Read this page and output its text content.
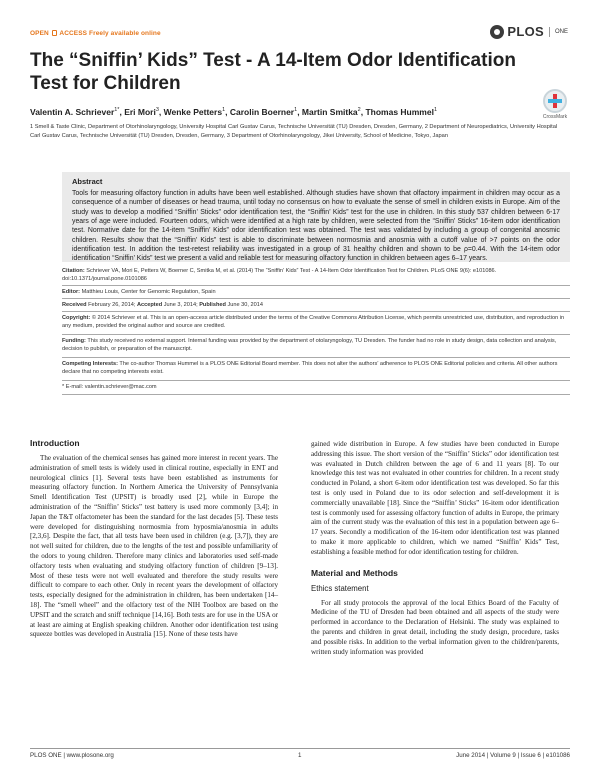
OPEN ACCESS Freely available online	PLOS ONE
The “Sniffin’ Kids” Test - A 14-Item Odor Identification Test for Children
CrossMark
Valentin A. Schriever$^{1*}$, Eri Mori$^3$, Wenke Petters$^1$, Carolin Boerner$^1$, Martin Smitka$^2$, Thomas Hummel$^1$
1 Smell & Taste Clinic, Department of Otorhinolaryngology, University Hospital Carl Gustav Carus, Technische Universität (TU) Dresden, Dresden, Germany, 2 Department of Neuropediatrics, University Hospital Carl Gustav Carus, Technische Universität (TU) Dresden, Dresden, Germany, 3 Department of Otorhinolaryngology, Jikei University, School of Medicine, Tokyo, Japan
Abstract

Tools for measuring olfactory function in adults have been well established. Although studies have shown that olfactory impairment in children may occur as a consequence of a number of diseases or head trauma, until today no consensus on how to evaluate the sense of smell in children exists in Europe. Aim of the study was to develop a modified “Sniffin’ Sticks” odor identification test, the “Sniffin’ Kids” test for the use in children. In this study 537 children between 6-17 years of age were included. Fourteen odors, which were identified at a high rate by children, were selected from the “Sniffin’ Sticks” 16-item odor identification test. Normative date for the 14-item “Sniffin’ Kids” odor identification test was obtained. The test was validated by including a group of congenital anosmic children. Results show that the “Sniffin’ Kids” test is able to discriminate between normosmia and anosmia with a cutoff value of >7 points on the odor identification test. In addition the test-retest reliability was investigated in a group of 31 healthy children and shown to be ρ=0.44. With the 14-item odor identification “Sniffin’ Kids” test we present a valid and reliable test for measuring olfactory function in children between ages 6–17 years.

Citation: Schriever VA, Mori E, Petters W, Boerner C, Smitka M, et al. (2014) The “Sniffin’ Kids” Test - A 14-Item Odor Identification Test for Children. PLoS ONE 9(6): e101086. doi:10.1371/journal.pone.0101086
Editor: Matthieu Louis, Center for Genomic Regulation, Spain
Received February 26, 2014; Accepted June 3, 2014; Published June 30, 2014
Copyright: © 2014 Schriever et al. This is an open-access article distributed under the terms of the Creative Commons Attribution License, which permits unrestricted use, distribution, and reproduction in any medium, provided the original author and source are credited.
Funding: This study received no external support. Internal funding was provided by the department of otolaryngology, TU Dresden. The funder had no role in study design, data collection and analysis, decision to publish, or preparation of the manuscript.
Competing Interests: The co-author Thomas Hummel is a PLOS ONE Editorial Board member. This does not alter the authors’ adherence to PLOS ONE Editorial policies and criteria. All other authors declare that no competing interests exist.
* E-mail: valentin.schriever@mac.com
Introduction

The evaluation of the chemical senses has gained more interest in recent years. The administration of smell tests is widely used in clinical routine, especially in ENT and neurological clinics [1]. Several tests have been established as instruments for measuring olfactory function. In Northern America the University of Pennsylvania Smell Identification Test (UPSIT) is broadly used [2], while in Europe the administration of the “Sniffin’ Sticks” test battery is used more commonly [3,4]; in Japan the T&T olfactometer has been the standard for the last decades [5]. These tests were developed for distinguishing normosmia from hyposmia/anosmia in adults [2,3,6]. Despite the fact, that all tests have been used in children (e.g. [3,7]), they are not well suited for children, due to the lengths of the test and possible unfamiliarity of the odors to young children. Therefore many clinics and laboratories used self-made olfactory tests when evaluating and studying olfactory function of children [9–13]. Most of these tests were not well evaluated and therefore the study results were difficult to compare to each other. Only in recent years the development of olfactory tests, especially designed for the administration in children, has been undertaken [14–18]. The “smell wheel” and the olfactory test of the NIH Toolbox are based on the UPSIT and the scratch and sniff technique [14,16]. Both tests are for use in the USA or at least are aiming at English speaking children. Another odor identification test using squeeze bottles was developed in Australia [15]. None of these tests have

gained wide distribution in Europe. A few studies have been conducted in Europe addressing this issue. The short version of the “Sniffin’ Sticks” odor identification test was evaluated in Dutch children between the age of 6 and 11 years [8]. To our knowledge this test was not evaluated in other countries for children. In a recent study conducted in Poland, a short 6-item odor identification test was developed. So far this test is only used in Poland due to its odor selection and self-development it is commercially unavailable [18]. Since the “Sniffin’ Sticks” 16-item odor identification test is commonly used for assessing olfactory function of adults in Europe, the primary aim of the current study was the evaluation of this test in a population between age 6–17 years. Secondly a modification of the 16-item odor identification test was planned to make it more applicable to children, which we named “Sniffin’ Kids” Test, establishing a feasible method for odor identification testing for children.

Material and Methods
Ethics statement

For all study protocols the approval of the local Ethics Board of the Faculty of Medicine of the TU of Dresden had been obtained and all aspects of the study were performed in accordance to the Declaration of Helsinki. The study was explained to the parents and children in great detail, including the study design, procedure, tasks and possible risks. In addition to the verbal information given to the children/parents, written study information was provided

PLOS ONE | www.plosone.org	1	June 2014 | Volume 9 | Issue 6 | e101086
